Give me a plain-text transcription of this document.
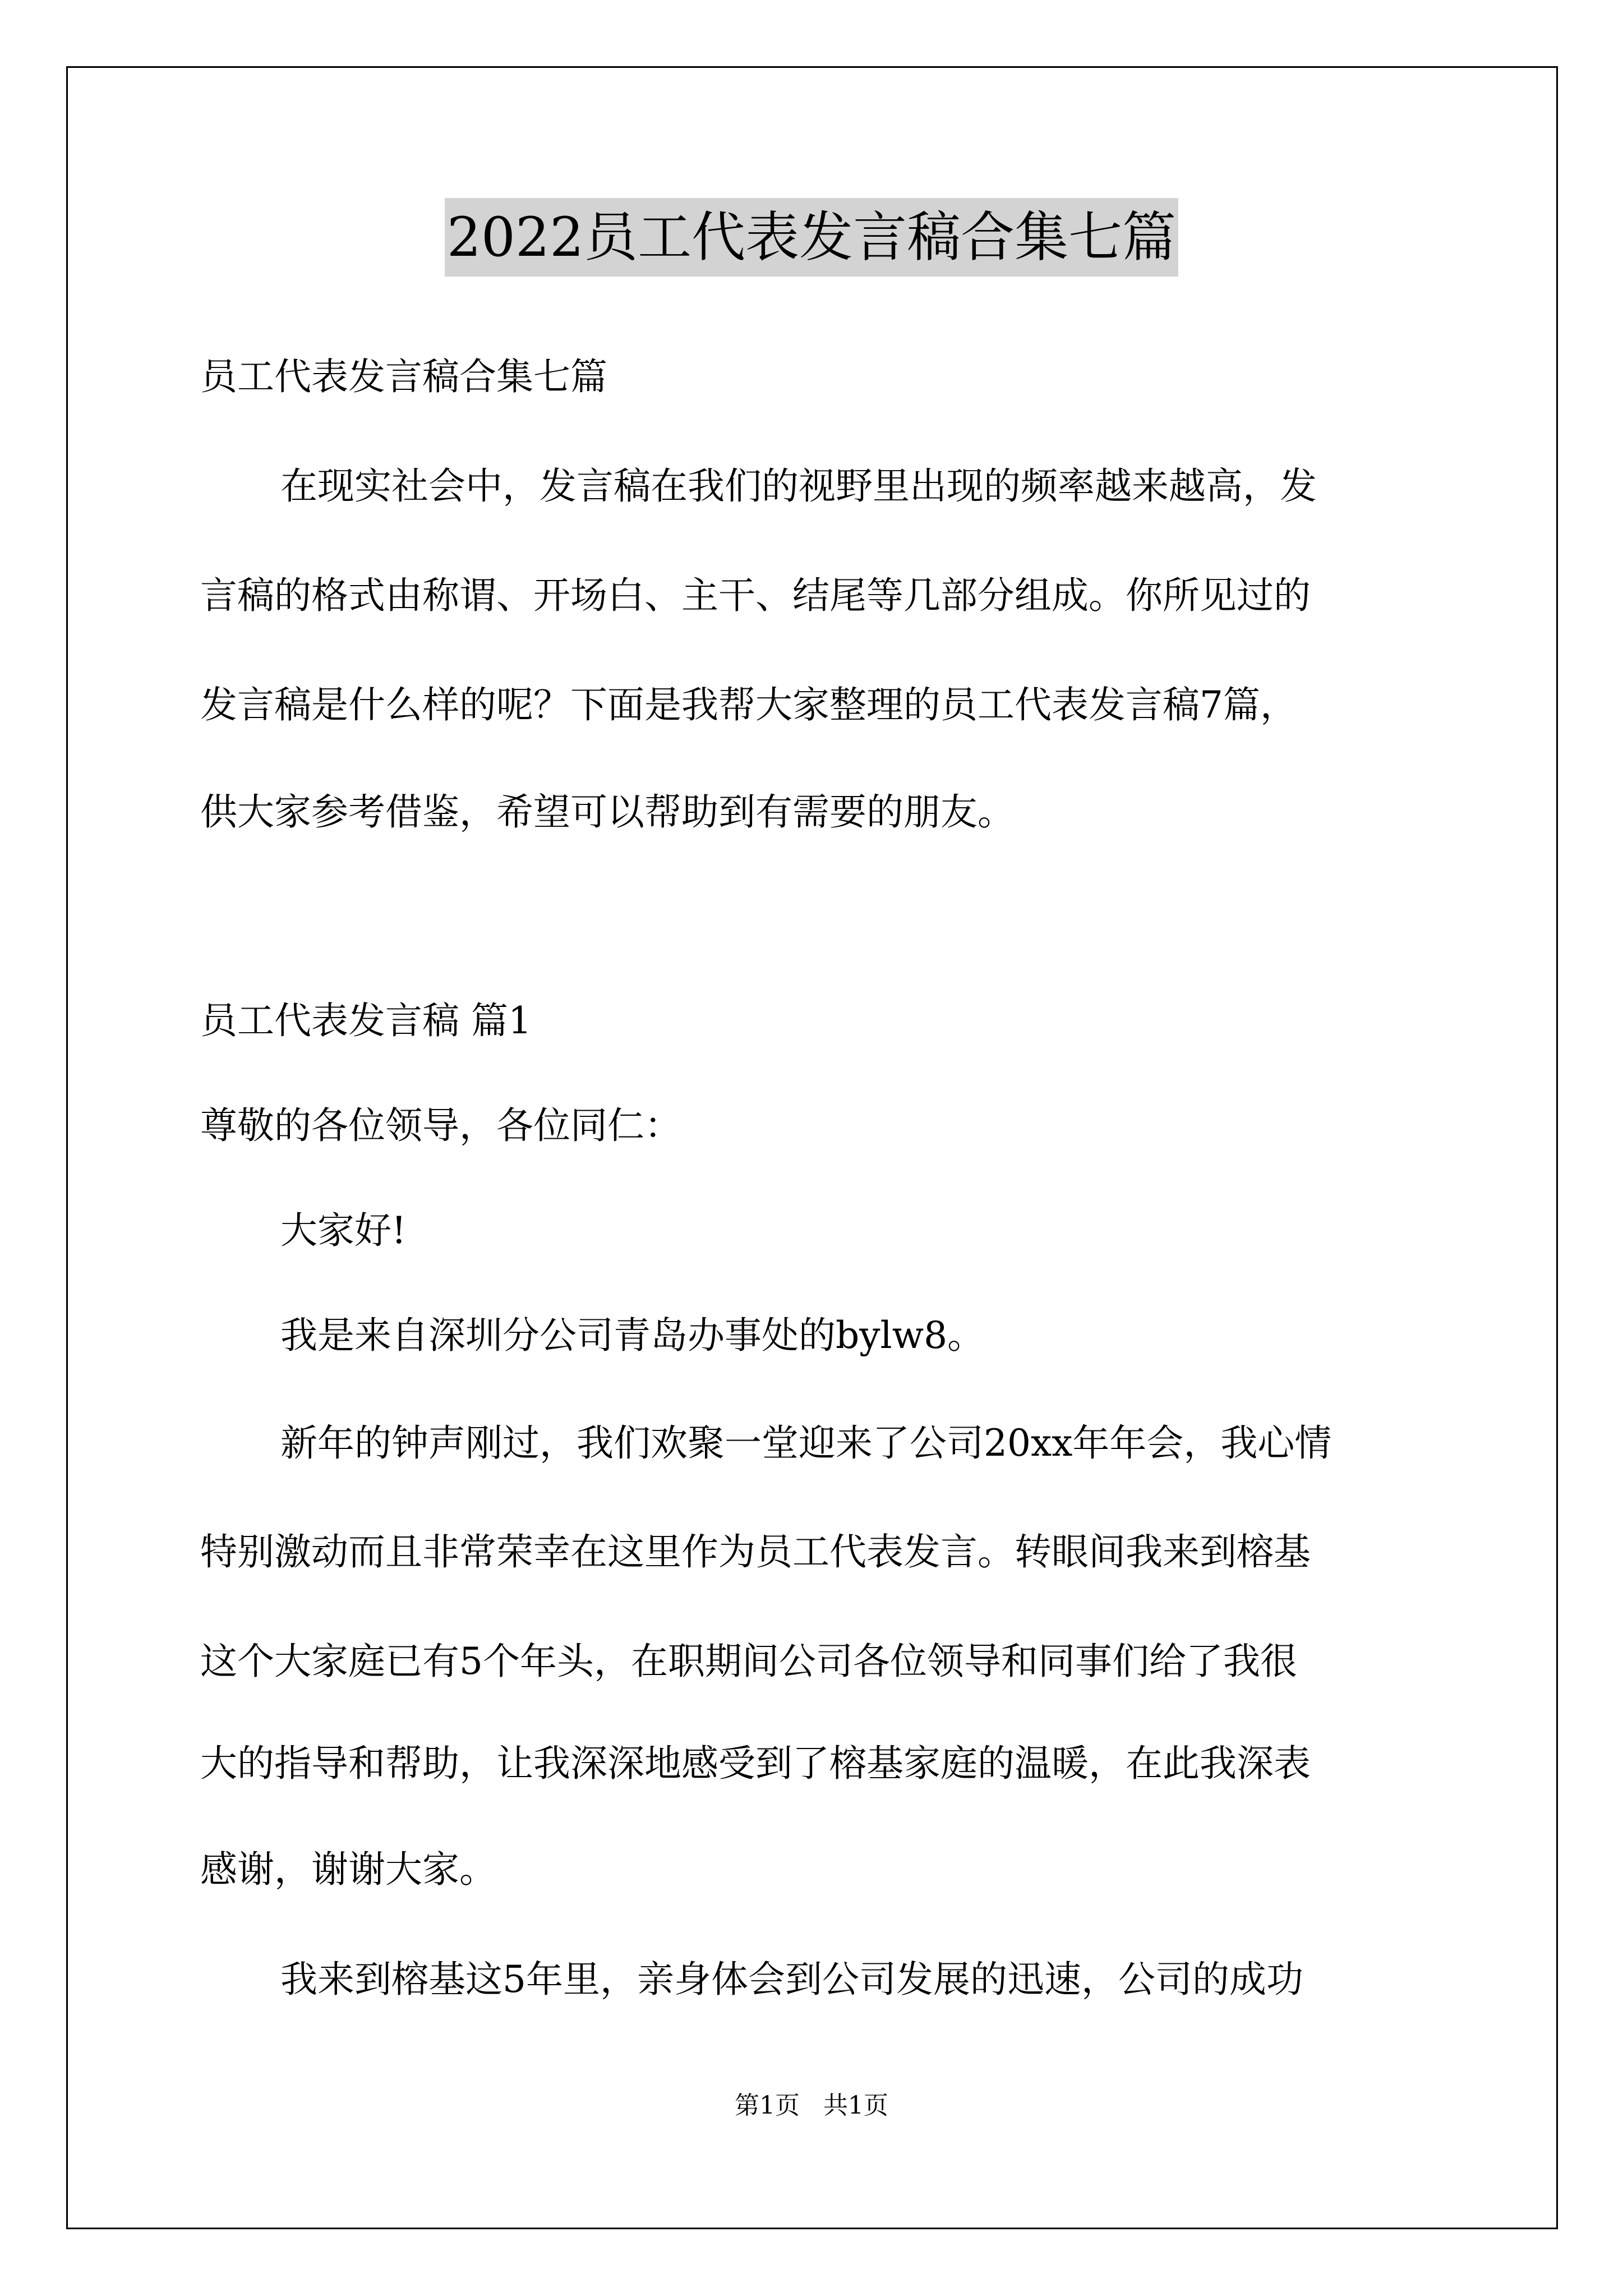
2022员工代表发言稿合集七篇
员工代表发言稿合集七篇
在现实社会中，发言稿在我们的视野里出现的频率越来越高，发
言稿的格式由称谓、开场白、主干、结尾等几部分组成。你所见过的
发言稿是什么样的呢？下面是我帮大家整理的员工代表发言稿7篇，
供大家参考借鉴，希望可以帮助到有需要的朋友。
员工代表发言稿 篇1
尊敬的各位领导，各位同仁：
大家好!
我是来自深圳分公司青岛办事处的bylw8。
新年的钟声刚过，我们欢聚一堂迎来了公司20xx年年会，我心情
特别激动而且非常荣幸在这里作为员工代表发言。转眼间我来到榕基
这个大家庭已有5个年头，在职期间公司各位领导和同事们给了我很
大的指导和帮助，让我深深地感受到了榕基家庭的温暖，在此我深表
感谢，谢谢大家。
我来到榕基这5年里，亲身体会到公司发展的迅速，公司的成功
第1页   共1页
